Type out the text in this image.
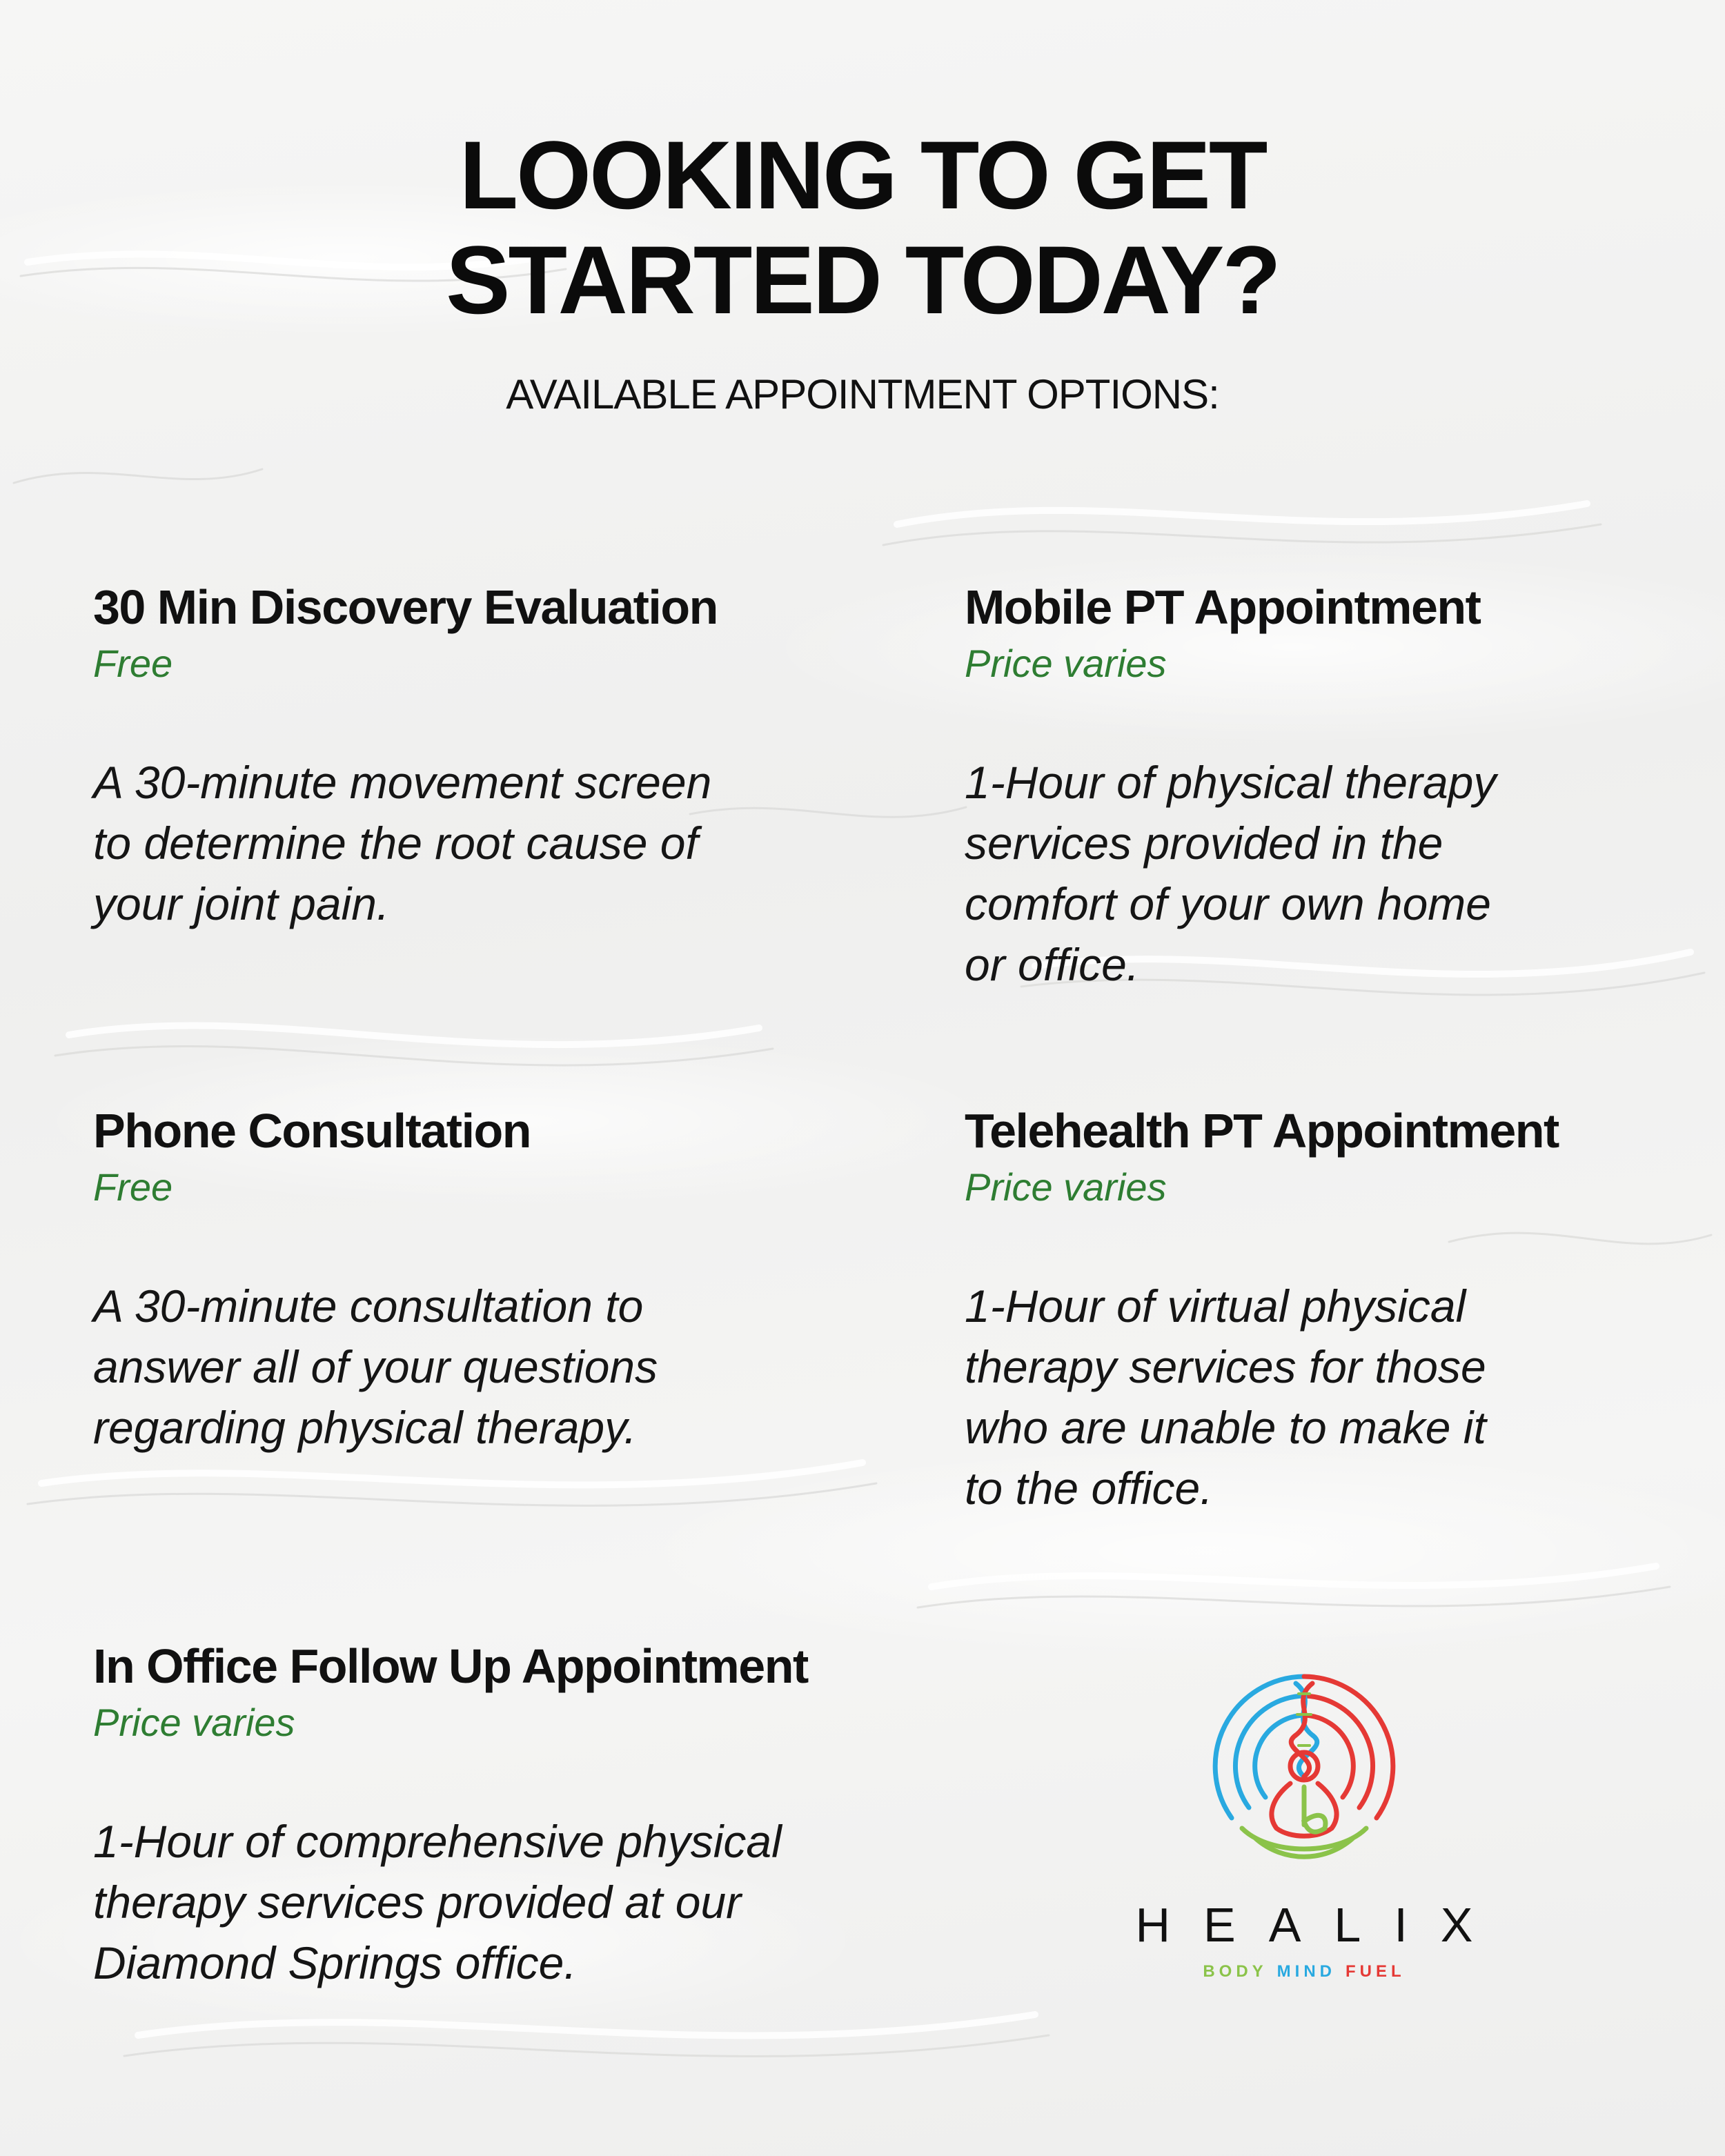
LOOKING TO GET
STARTED TODAY?
AVAILABLE APPOINTMENT OPTIONS:
30 Min Discovery Evaluation
Free
A 30-minute movement screen
to determine the root cause of
your joint pain.
Mobile PT Appointment
Price varies
1-Hour of physical therapy
services provided in the
comfort of your own home
or office.
Phone Consultation
Free
A 30-minute consultation to
answer all of your questions
regarding physical therapy.
Telehealth PT Appointment
Price varies
1-Hour of virtual physical
therapy services for those
who are unable to make it
to the office.
In Office Follow Up Appointment
Price varies
1-Hour of comprehensive physical
therapy services provided at our
Diamond Springs office.
HEALIX
BODY MIND FUEL
